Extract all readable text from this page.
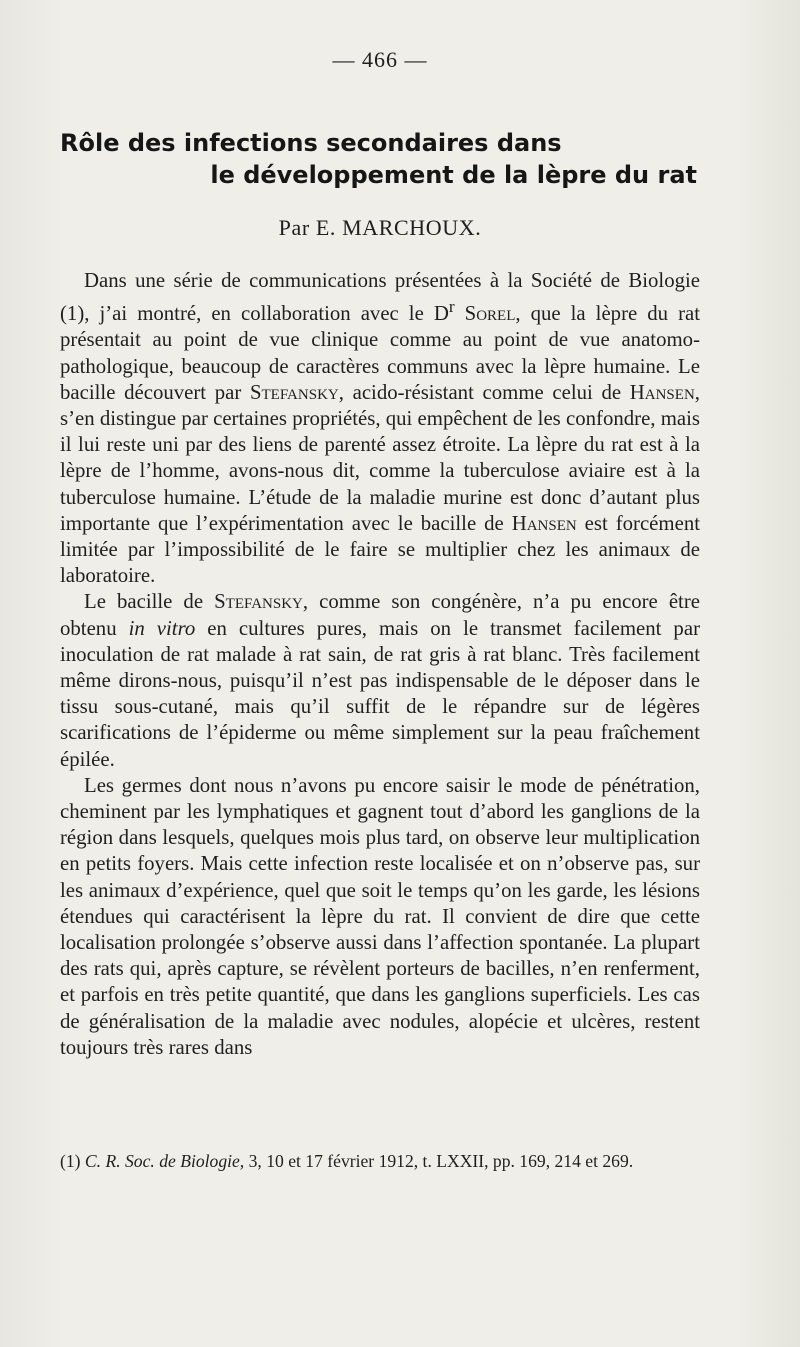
— 466 —
Rôle des infections secondaires dans
le développement de la lèpre du rat
Par E. MARCHOUX.

Dans une série de communications présentées à la Société de Biologie (1), j’ai montré, en collaboration avec le $D^r$ Sorel, que la lèpre du rat présentait au point de vue clinique comme au point de vue anatomo-pathologique, beaucoup de caractères communs avec la lèpre humaine. Le bacille découvert par Stefansky, acido-résistant comme celui de Hansen, s’en distingue par certaines propriétés, qui empêchent de les confondre, mais il lui reste uni par des liens de parenté assez étroite. La lèpre du rat est à la lèpre de l’homme, avons-nous dit, comme la tuberculose aviaire est à la tuberculose humaine. L’étude de la maladie murine est donc d’autant plus importante que l’expérimentation avec le bacille de Hansen est forcément limitée par l’impossibilité de le faire se multiplier chez les animaux de laboratoire.

Le bacille de Stefansky, comme son congénère, n’a pu encore être obtenu in vitro en cultures pures, mais on le transmet facilement par inoculation de rat malade à rat sain, de rat gris à rat blanc. Très facilement même dirons-nous, puisqu’il n’est pas indispensable de le déposer dans le tissu sous-cutané, mais qu’il suffit de le répandre sur de légères scarifications de l’épiderme ou même simplement sur la peau fraîchement épilée.

Les germes dont nous n’avons pu encore saisir le mode de pénétration, cheminent par les lymphatiques et gagnent tout d’abord les ganglions de la région dans lesquels, quelques mois plus tard, on observe leur multiplication en petits foyers. Mais cette infection reste localisée et on n’observe pas, sur les animaux d’expérience, quel que soit le temps qu’on les garde, les lésions étendues qui caractérisent la lèpre du rat. Il convient de dire que cette localisation prolongée s’observe aussi dans l’affection spontanée. La plupart des rats qui, après capture, se révèlent porteurs de bacilles, n’en renferment, et parfois en très petite quantité, que dans les ganglions superficiels. Les cas de généralisation de la maladie avec nodules, alopécie et ulcères, restent toujours très rares dans

(1) C. R. Soc. de Biologie, 3, 10 et 17 février 1912, t. LXXII, pp. 169, 214 et 269.
